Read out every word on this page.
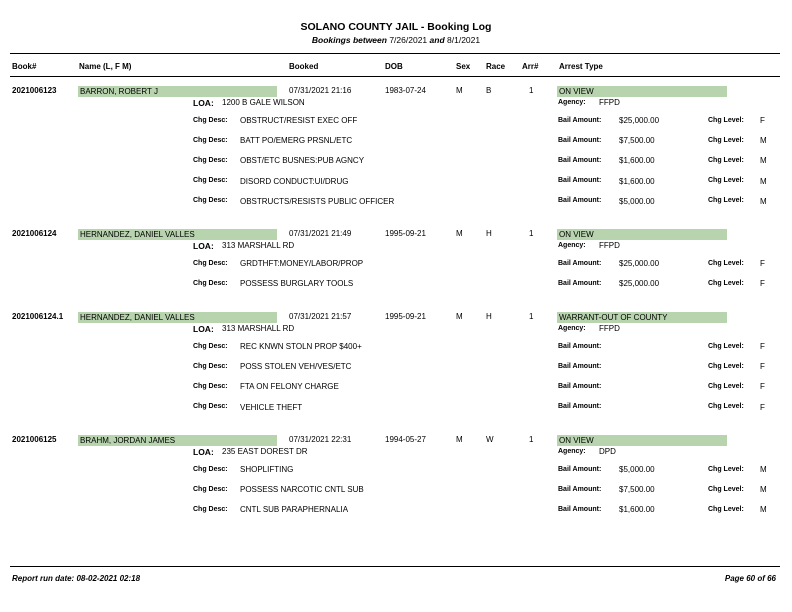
SOLANO COUNTY JAIL - Booking Log
Bookings between 7/26/2021 and 8/1/2021
Book#	Name (L, F M)	Booked	DOB	Sex Race Arr#	Arrest Type
2021006123	BARRON, ROBERT J	07/31/2021 21:16	1983-07-24	M	B	1	ON VIEW
LOA: 1200 B GALE WILSON	Agency: FFPD
Chg Desc: OBSTRUCT/RESIST EXEC OFF	Bail Amount: $25,000.00	Chg Level: F
Chg Desc: BATT PO/EMERG PRSNL/ETC	Bail Amount: $7,500.00	Chg Level: M
Chg Desc: OBST/ETC BUSNES:PUB AGNCY	Bail Amount: $1,600.00	Chg Level: M
Chg Desc: DISORD CONDUCT:UI/DRUG	Bail Amount: $1,600.00	Chg Level: M
Chg Desc: OBSTRUCTS/RESISTS PUBLIC OFFICER	Bail Amount: $5,000.00	Chg Level: M
2021006124	HERNANDEZ, DANIEL VALLES	07/31/2021 21:49	1995-09-21	M	H	1	ON VIEW
LOA: 313 MARSHALL RD	Agency: FFPD
Chg Desc: GRDTHFT:MONEY/LABOR/PROP	Bail Amount: $25,000.00	Chg Level: F
Chg Desc: POSSESS BURGLARY TOOLS	Bail Amount: $25,000.00	Chg Level: F
2021006124.1 HERNANDEZ, DANIEL VALLES	07/31/2021 21:57	1995-09-21	M	H	1	WARRANT-OUT OF COUNTY
LOA: 313 MARSHALL RD	Agency: FFPD
Chg Desc: REC KNWN STOLN PROP $400+	Bail Amount:	Chg Level: F
Chg Desc: POSS STOLEN VEH/VES/ETC	Bail Amount:	Chg Level: F
Chg Desc: FTA ON FELONY CHARGE	Bail Amount:	Chg Level: F
Chg Desc: VEHICLE THEFT	Bail Amount:	Chg Level: F
2021006125	BRAHM, JORDAN JAMES	07/31/2021 22:31	1994-05-27	M	W	1	ON VIEW
LOA: 235 EAST DOREST DR	Agency: DPD
Chg Desc: SHOPLIFTING	Bail Amount: $5,000.00	Chg Level: M
Chg Desc: POSSESS NARCOTIC CNTL SUB	Bail Amount: $7,500.00	Chg Level: M
Chg Desc: CNTL SUB PARAPHERNALIA	Bail Amount: $1,600.00	Chg Level: M
Report run date: 08-02-2021 02:18	Page 60 of 66
